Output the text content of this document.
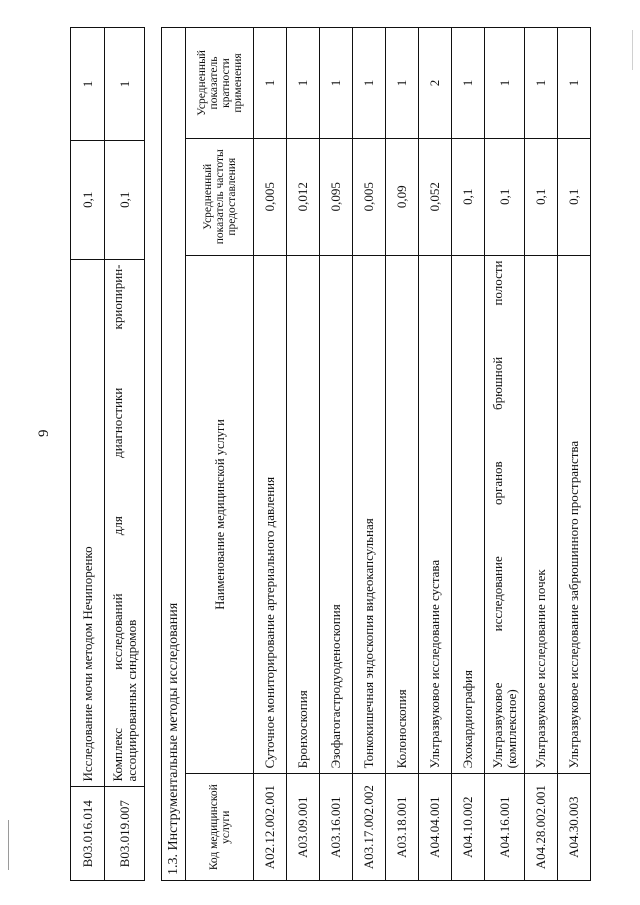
9
B03.016.014	Исследование мочи методом Нечипоренко	0,1	1
B03.019.007	Комплекс исследований для диагностики криопирин- ассоциированных синдромов	0,1	1
1.3. Инструментальные методы исследования			
Код медицинской услуги	Наименование медицинской услуги	Усредненный показатель частоты предоставления	Усредненный показатель кратности применения
A02.12.002.001	Суточное мониторирование артериального давления	0,005	1
A03.09.001	Бронхоскопия	0,012	1
A03.16.001	Эзофагогастродуоденоскопия	0,095	1
A03.17.002.002	Тонкокишечная эндоскопия видеокапсульная	0,005	1
A03.18.001	Колоноскопия	0,09	1
A04.04.001	Ультразвуковое исследование сустава	0,052	2
A04.10.002	Эхокардиография	0,1	1
A04.16.001	Ультразвуковое исследование органов брюшной полости (комплексное)	0,1	1
A04.28.002.001	Ультразвуковое исследование почек	0,1	1
A04.30.003	Ультразвуковое исследование забрюшинного пространства	0,1	1
